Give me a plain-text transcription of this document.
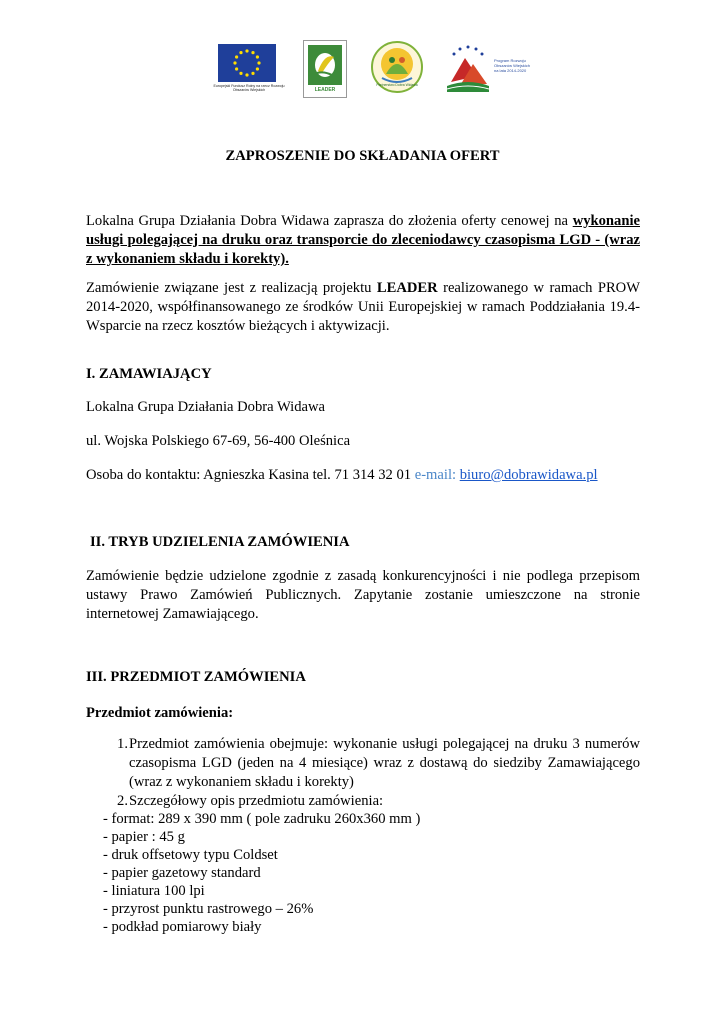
Europejski Fundusz Rolny na rzecz Rozwoju Obszarów Wiejskich	LEADER
Partnerstwo Dobra Widawa
Program Rozwoju Obszarów Wiejskich na lata 2014-2020
ZAPROSZENIE DO SKŁADANIA OFERT
Lokalna Grupa Działania Dobra Widawa zaprasza do złożenia oferty cenowej na wykonanie usługi polegającej na druku oraz transporcie do zleceniodawcy czasopisma LGD - (wraz z wykonaniem składu i korekty).
Zamówienie związane jest z realizacją projektu LEADER realizowanego w ramach PROW 2014-2020, współfinansowanego ze środków Unii Europejskiej w ramach Poddziałania 19.4- Wsparcie na rzecz kosztów bieżących i aktywizacji.
I. ZAMAWIAJĄCY
Lokalna Grupa Działania Dobra Widawa
ul. Wojska Polskiego 67-69, 56-400 Oleśnica
Osoba do kontaktu: Agnieszka Kasina tel. 71 314 32 01 e-mail: biuro@dobrawidawa.pl
II. TRYB UDZIELENIA ZAMÓWIENIA
Zamówienie będzie udzielone zgodnie z zasadą konkurencyjności i nie podlega przepisom ustawy Prawo Zamówień Publicznych. Zapytanie zostanie umieszczone na stronie internetowej Zamawiającego.
III. PRZEDMIOT ZAMÓWIENIA
Przedmiot zamówienia:
1. Przedmiot zamówienia obejmuje: wykonanie usługi polegającej na druku 3 numerów czasopisma LGD (jeden na 4 miesiące) wraz z dostawą do siedziby Zamawiającego (wraz z wykonaniem składu i korekty)
2. Szczegółowy opis przedmiotu zamówienia:
- format: 289 x 390 mm ( pole zadruku 260x360 mm )
- papier : 45 g
- druk offsetowy typu Coldset
- papier gazetowy standard
- liniatura 100 lpi
- przyrost punktu rastrowego – 26%
- podkład pomiarowy biały
